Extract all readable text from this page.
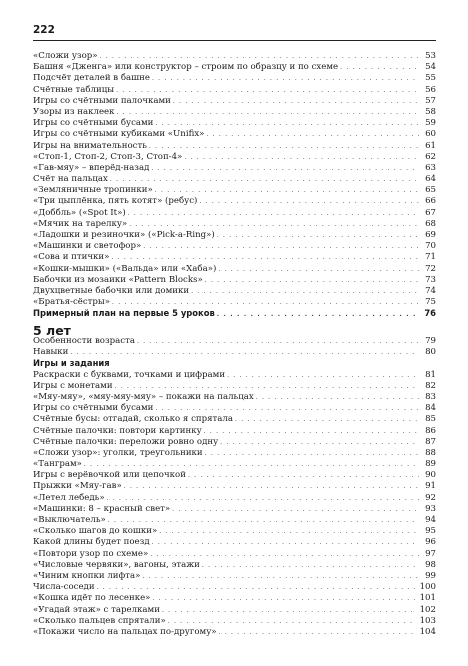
222
«Сложи узор» . . .	53
Башня «Дженга» или конструктор – строим по образцу и по схеме . . .	54
Подсчёт деталей в башне . . .	55
Счётные таблицы . . .	56
Игры со счётными палочками . . .	57
Узоры из наклеек . . .	58
Игры со счётными бусами . . .	59
Игры со счётными кубиками «Unifix» . . .	60
Игры на внимательность . . .	61
«Стоп-1, Стоп-2, Стоп-3, Стоп-4» . . .	62
«Гав-мяу» – вперёд-назад . . .	63
Счёт на пальцах . . .	64
«Земляничные тропинки» . . .	65
«Три цыплёнка, пять котят» (ребус) . . .	66
«Доббль» («Spot It») . . .	67
«Мячик на тарелку» . . .	68
«Ладошки и резиночки» («Pick-a-Ring») . . .	69
«Машинки и светофор» . . .	70
«Сова и птички» . . .	71
«Кошки-мышки» («Вальда» или «Хаба») . . .	72
Бабочки из мозаики «Pattern Blocks» . . .	73
Двухцветные бабочки или домики . . .	74
«Братья-сёстры» . . .	75
Примерный план на первые 5 уроков . . .	76
5 лет
Особенности возраста . . .	79
Навыки . . .	80
Игры и задания
Раскраски с буквами, точками и цифрами . . .	81
Игры с монетами . . .	82
«Мяу-мяу», «мяу-мяу-мяу» – покажи на пальцах . . .	83
Игры со счётными бусами . . .	84
Счётные бусы: отгадай, сколько я спрятала . . .	85
Счётные палочки: повтори картинку . . .	86
Счётные палочки: переложи ровно одну . . .	87
«Сложи узор»: уголки, треугольники . . .	88
«Танграм» . . .	89
Игры с верёвочкой или цепочкой . . .	90
Прыжки «Мяу-гав» . . .	91
«Летел лебедь» . . .	92
«Машинки: 8 – красный свет» . . .	93
«Выключатель» . . .	94
«Сколько шагов до кошки» . . .	95
Какой длины будет поезд . . .	96
«Повтори узор по схеме» . . .	97
«Числовые червяки», вагоны, этажи . . .	98
«Чиним кнопки лифта» . . .	99
Числа-соседи . . .	100
«Кошка идёт по лесенке» . . .	101
«Угадай этаж» с тарелками . . .	102
«Сколько пальцев спрятали» . . .	103
«Покажи число на пальцах по-другому» . . .	104
